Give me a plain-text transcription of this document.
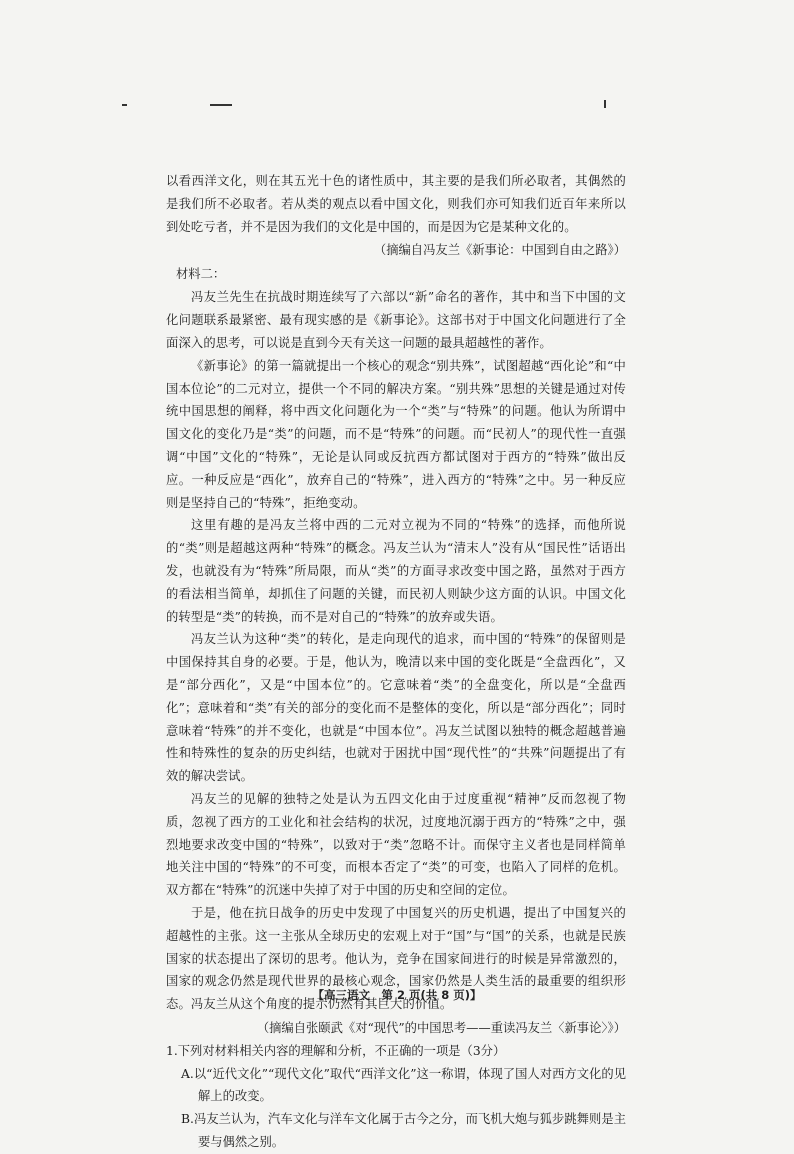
以看西洋文化，则在其五光十色的诸性质中，其主要的是我们所必取者，其偶然的是我们所不必取者。若从类的观点以看中国文化，则我们亦可知我们近百年来所以到处吃亏者，并不是因为我们的文化是中国的，而是因为它是某种文化的。

（摘编自冯友兰《新事论：中国到自由之路》）

材料二：

冯友兰先生在抗战时期连续写了六部以“新”命名的著作，其中和当下中国的文化问题联系最紧密、最有现实感的是《新事论》。这部书对于中国文化问题进行了全面深入的思考，可以说是直到今天有关这一问题的最具超越性的著作。

《新事论》的第一篇就提出一个核心的观念“别共殊”，试图超越“西化论”和“中国本位论”的二元对立，提供一个不同的解决方案。“别共殊”思想的关键是通过对传统中国思想的阐释，将中西文化问题化为一个“类”与“特殊”的问题。他认为所谓中国文化的变化乃是“类”的问题，而不是“特殊”的问题。而“民初人”的现代性一直强调“中国”文化的“特殊”，无论是认同或反抗西方都试图对于西方的“特殊”做出反应。一种反应是“西化”，放弃自己的“特殊”，进入西方的“特殊”之中。另一种反应则是坚持自己的“特殊”，拒绝变动。

这里有趣的是冯友兰将中西的二元对立视为不同的“特殊”的选择，而他所说的“类”则是超越这两种“特殊”的概念。冯友兰认为“清末人”没有从“国民性”话语出发，也就没有为“特殊”所局限，而从“类”的方面寻求改变中国之路，虽然对于西方的看法相当简单，却抓住了问题的关键，而民初人则缺少这方面的认识。中国文化的转型是“类”的转换，而不是对自己的“特殊”的放弃或失语。

冯友兰认为这种“类”的转化，是走向现代的追求，而中国的“特殊”的保留则是中国保持其自身的必要。于是，他认为，晚清以来中国的变化既是“全盘西化”，又是“部分西化”，又是“中国本位”的。它意味着“类”的全盘变化，所以是“全盘西化”；意味着和“类”有关的部分的变化而不是整体的变化，所以是“部分西化”；同时意味着“特殊”的并不变化，也就是“中国本位”。冯友兰试图以独特的概念超越普遍性和特殊性的复杂的历史纠结，也就对于困扰中国“现代性”的“共殊”问题提出了有效的解决尝试。

冯友兰的见解的独特之处是认为五四文化由于过度重视“精神”反而忽视了物质，忽视了西方的工业化和社会结构的状况，过度地沉溺于西方的“特殊”之中，强烈地要求改变中国的“特殊”，以致对于“类”忽略不计。而保守主义者也是同样简单地关注中国的“特殊”的不可变，而根本否定了“类”的可变，也陷入了同样的危机。双方都在“特殊”的沉迷中失掉了对于中国的历史和空间的定位。

于是，他在抗日战争的历史中发现了中国复兴的历史机遇，提出了中国复兴的超越性的主张。这一主张从全球历史的宏观上对于“国”与“国”的关系，也就是民族国家的状态提出了深切的思考。他认为，竞争在国家间进行的时候是异常激烈的，国家的观念仍然是现代世界的最核心观念，国家仍然是人类生活的最重要的组织形态。冯友兰从这个角度的提示仍然有其巨大的价值。

（摘编自张颐武《对“现代”的中国思考——重读冯友兰〈新事论〉》）

1.下列对材料相关内容的理解和分析，不正确的一项是（3分）

A.以“近代文化”“现代文化”取代“西洋文化”这一称谓，体现了国人对西方文化的见解上的改变。

B.冯友兰认为，汽车文化与洋车文化属于古今之分，而飞机大炮与狐步跳舞则是主要与偶然之别。

【高三语文　第 2 页(共 8 页)】
